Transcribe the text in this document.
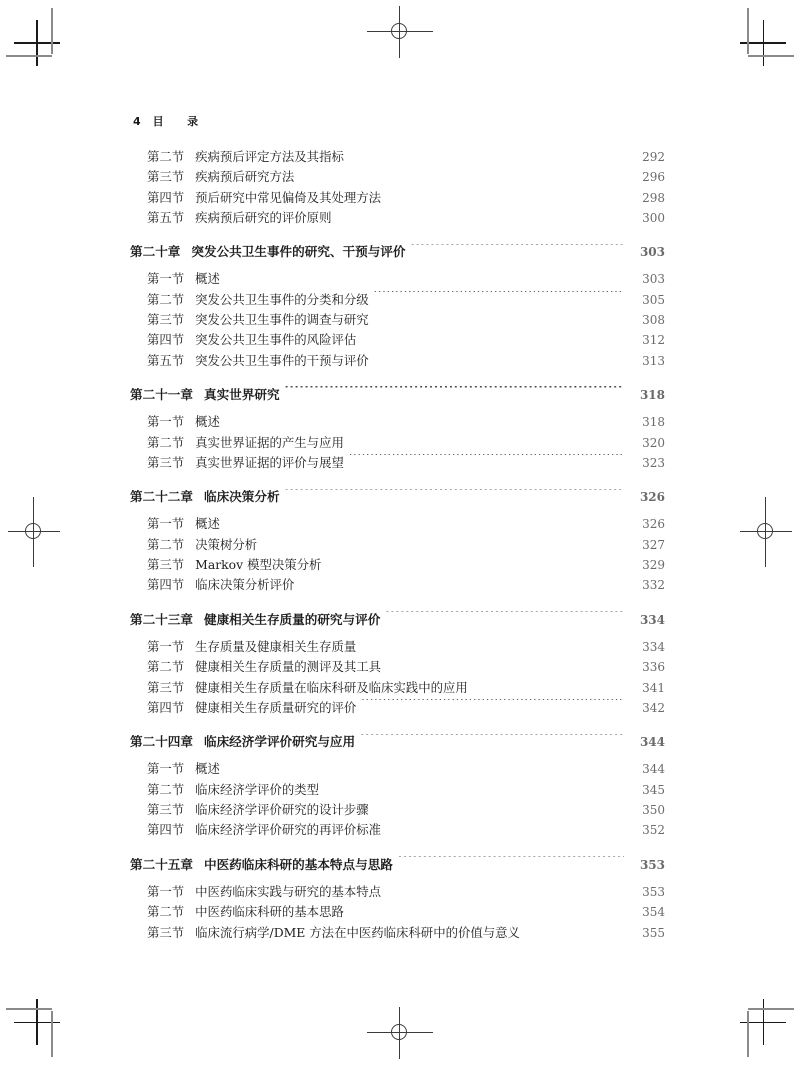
4　目　　录
第二节 疾病预后评定方法及其指标 ·····	292
第三节 疾病预后研究方法 ·····	296
第四节 预后研究中常见偏倚及其处理方法 ·····	298
第五节 疾病预后研究的评价原则 ·····	300
第二十章 突发公共卫生事件的研究、干预与评价 ·····	303
第一节 概述 ·····	303
第二节 突发公共卫生事件的分类和分级 ·····	305
第三节 突发公共卫生事件的调查与研究 ·····	308
第四节 突发公共卫生事件的风险评估 ·····	312
第五节 突发公共卫生事件的干预与评价 ·····	313
第二十一章 真实世界研究 ·····	318
第一节 概述 ·····	318
第二节 真实世界证据的产生与应用 ·····	320
第三节 真实世界证据的评价与展望 ·····	323
第二十二章 临床决策分析 ·····	326
第一节 概述 ·····	326
第二节 决策树分析 ·····	327
第三节 Markov 模型决策分析 ·····	329
第四节 临床决策分析评价 ·····	332
第二十三章 健康相关生存质量的研究与评价 ·····	334
第一节 生存质量及健康相关生存质量 ·····	334
第二节 健康相关生存质量的测评及其工具 ·····	336
第三节 健康相关生存质量在临床科研及临床实践中的应用 ·····	341
第四节 健康相关生存质量研究的评价 ·····	342
第二十四章 临床经济学评价研究与应用 ·····	344
第一节 概述 ·····	344
第二节 临床经济学评价的类型 ·····	345
第三节 临床经济学评价研究的设计步骤 ·····	350
第四节 临床经济学评价研究的再评价标准 ·····	352
第二十五章 中医药临床科研的基本特点与思路 ·····	353
第一节 中医药临床实践与研究的基本特点 ·····	353
第二节 中医药临床科研的基本思路 ·····	354
第三节 临床流行病学/DME 方法在中医药临床科研中的价值与意义 ·····	355
